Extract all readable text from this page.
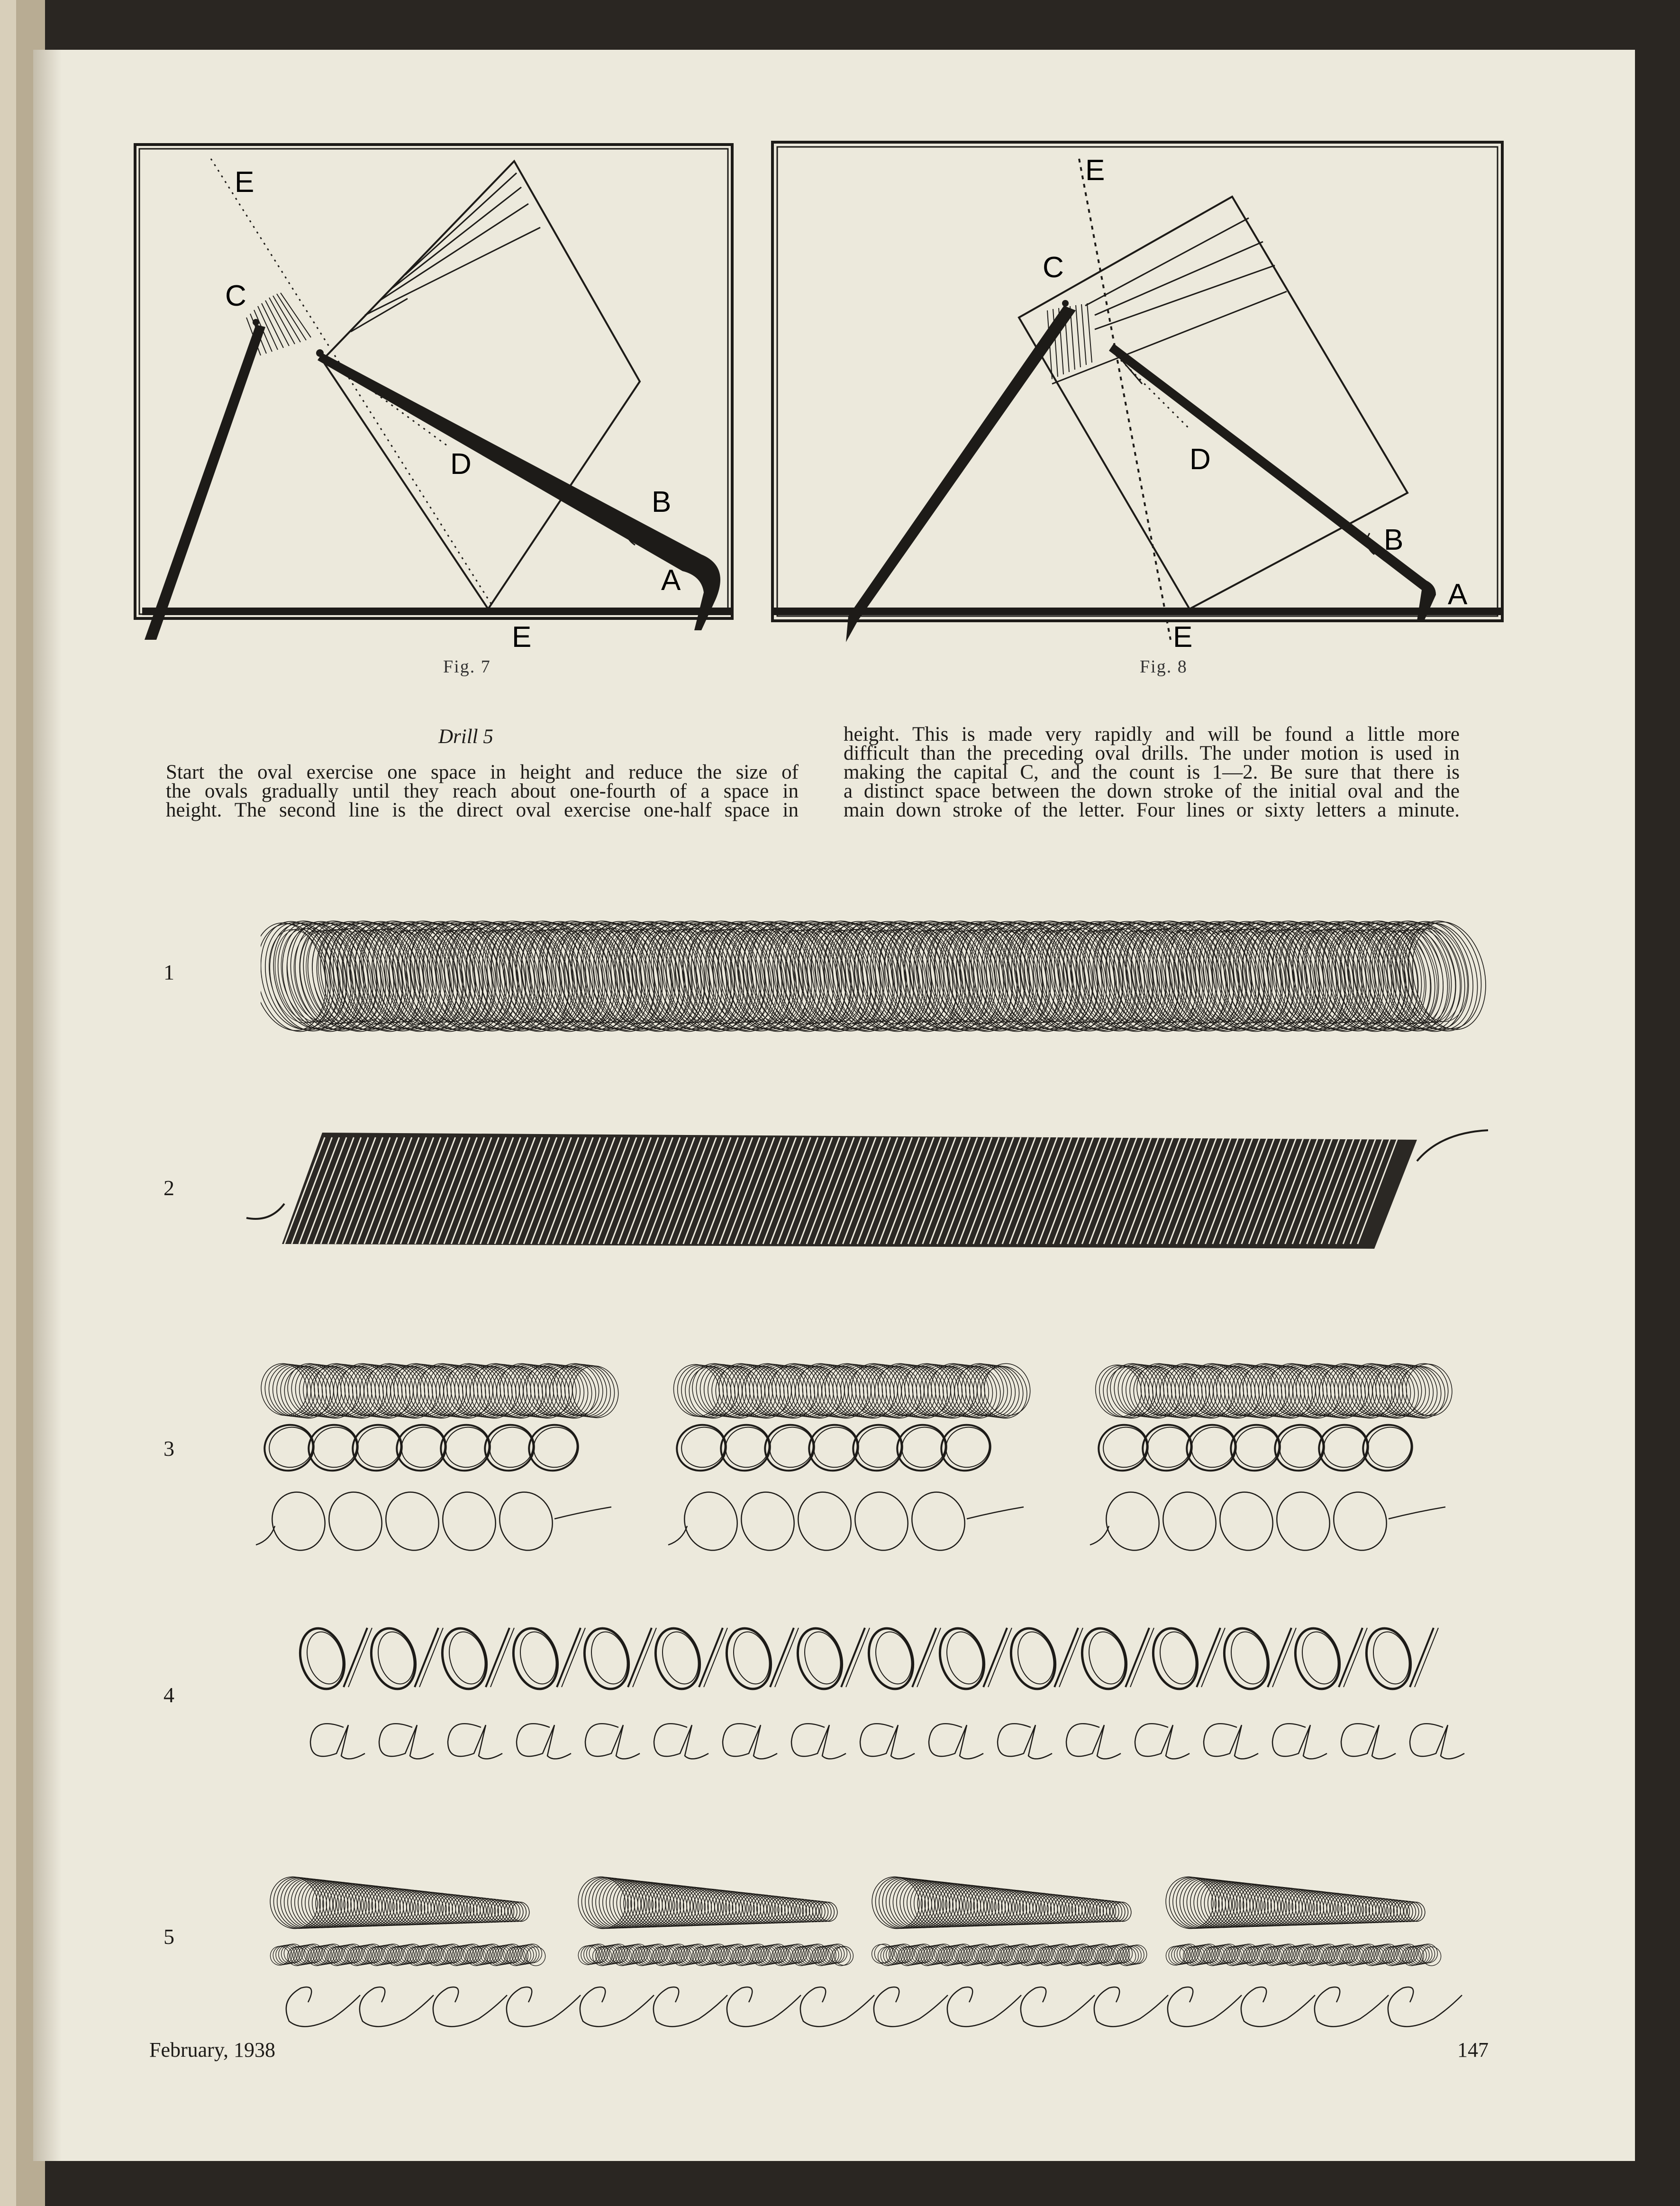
E
C
D
B
A
E
Fig. 7
E
C
D
B
A
E
Fig. 8
Drill 5
Start the oval exercise one space in height and reduce the size of
the ovals gradually until they reach about one-fourth of a space in
height. The second line is the direct oval exercise one-half space in
height. This is made very rapidly and will be found a little more
difficult than the preceding oval drills. The under motion is used in
making the capital C, and the count is 1—2. Be sure that there is
a distinct space between the down stroke of the initial oval and the
main down stroke of the letter. Four lines or sixty letters a minute.
1
2
3
4
5
February, 1938	147
